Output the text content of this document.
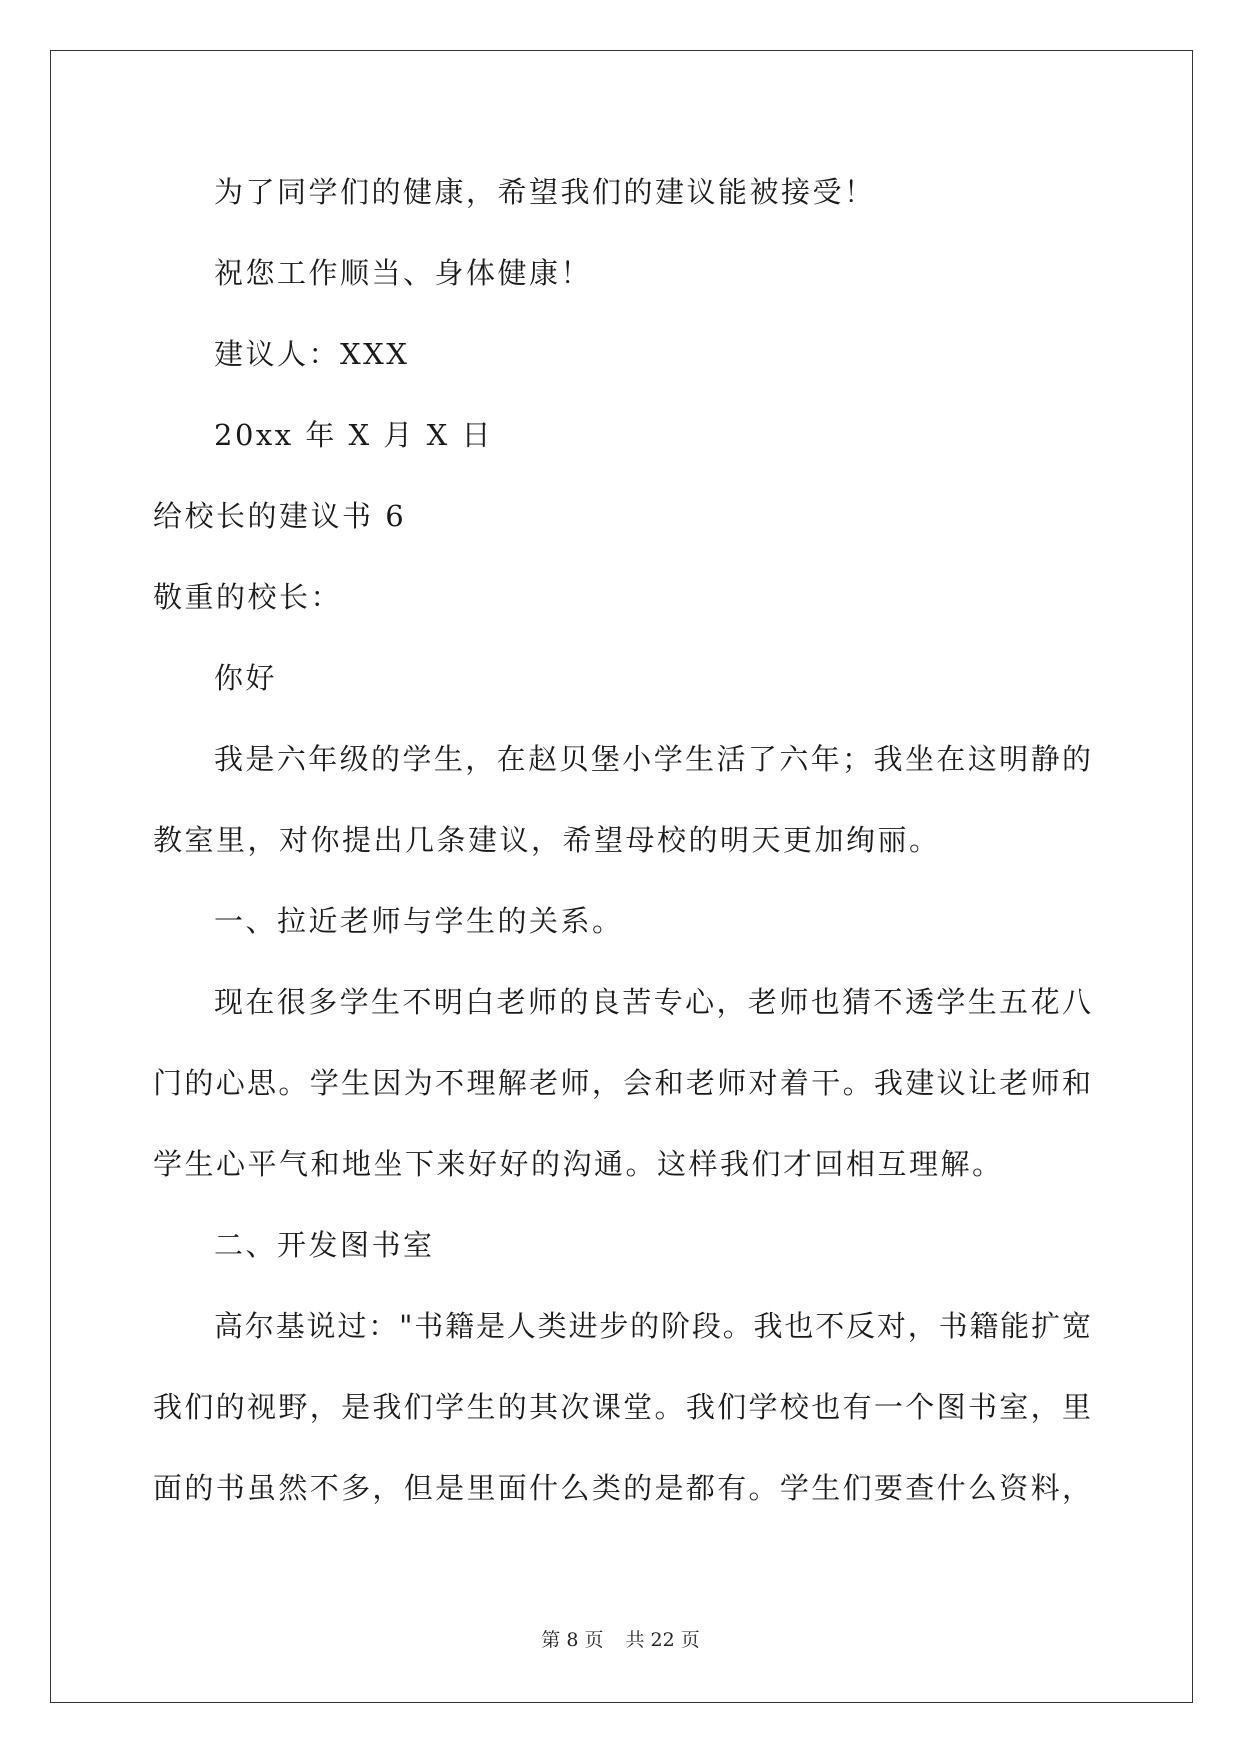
为了同学们的健康，希望我们的建议能被接受！
祝您工作顺当、身体健康！
建议人：XXX
20xx 年 X 月 X 日
给校长的建议书 6
敬重的校长：
你好
我是六年级的学生，在赵贝堡小学生活了六年；我坐在这明静的
教室里，对你提出几条建议，希望母校的明天更加绚丽。
一、拉近老师与学生的关系。
现在很多学生不明白老师的良苦专心，老师也猜不透学生五花八
门的心思。学生因为不理解老师，会和老师对着干。我建议让老师和
学生心平气和地坐下来好好的沟通。这样我们才回相互理解。
二、开发图书室
高尔基说过："书籍是人类进步的阶段。我也不反对，书籍能扩宽
我们的视野，是我们学生的其次课堂。我们学校也有一个图书室，里
面的书虽然不多，但是里面什么类的是都有。学生们要查什么资料，
第 8 页 共 22 页
